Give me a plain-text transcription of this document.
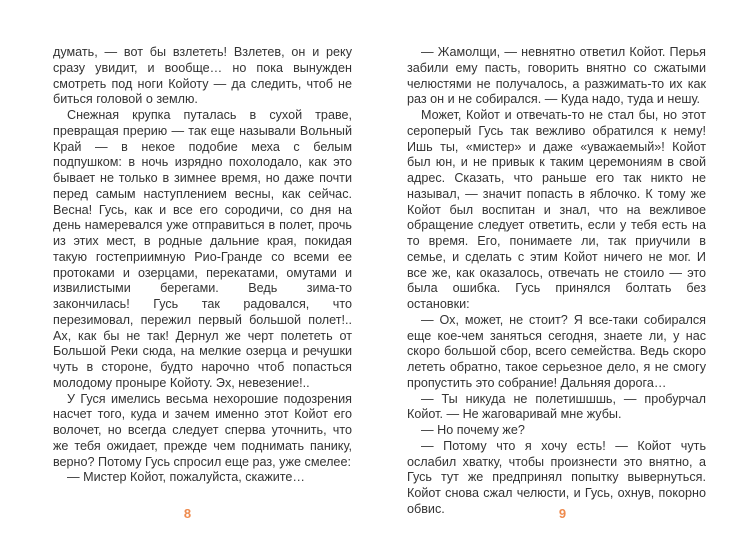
думать, — вот бы взлететь! Взлетев, он и реку сразу увидит, и вообще… но пока вынужден смотреть под ноги Койоту — да следить, чтоб не биться головой о землю.

Снежная крупка путалась в сухой траве, превращая прерию — так еще называли Вольный Край — в некое подобие меха с белым подпушком: в ночь изрядно похолодало, как это бывает не только в зимнее время, но даже почти перед самым наступлением весны, как сейчас. Весна! Гусь, как и все его сородичи, со дня на день намеревался уже отправиться в полет, прочь из этих мест, в родные дальние края, покидая такую гостеприимную Рио-Гранде со всеми ее протоками и озерцами, перекатами, омутами и извилистыми берегами. Ведь зима-то закончилась! Гусь так радовался, что перезимовал, пережил первый большой полет!.. Ах, как бы не так! Дернул же черт полететь от Большой Реки сюда, на мелкие озерца и речушки чуть в стороне, будто нарочно чтоб попасться молодому проныре Койоту. Эх, невезение!..

У Гуся имелись весьма нехорошие подозрения насчет того, куда и зачем именно этот Койот его волочет, но всегда следует сперва уточнить, что же тебя ожидает, прежде чем поднимать панику, верно? Потому Гусь спросил еще раз, уже смелее:

— Мистер Койот, пожалуйста, скажите…

8

— Жамолщи, — невнятно ответил Койот. Перья забили ему пасть, говорить внятно со сжатыми челюстями не получалось, а разжимать-то их как раз он и не собирался. — Куда надо, туда и нешу.

Может, Койот и отвечать-то не стал бы, но этот сероперый Гусь так вежливо обратился к нему! Ишь ты, «мистер» и даже «уважаемый»! Койот был юн, и не привык к таким церемониям в свой адрес. Сказать, что раньше его так никто не называл, — значит попасть в яблочко. К тому же Койот был воспитан и знал, что на вежливое обращение следует ответить, если у тебя есть на то время. Его, понимаете ли, так приучили в семье, и сделать с этим Койот ничего не мог. И все же, как оказалось, отвечать не стоило — это была ошибка. Гусь принялся болтать без остановки:

— Ох, может, не стоит? Я все-таки собирался еще кое-чем заняться сегодня, знаете ли, у нас скоро большой сбор, всего семейства. Ведь скоро лететь обратно, такое серьезное дело, я не смогу пропустить это собрание! Дальняя дорога…

— Ты никуда не полетишшшь, — пробурчал Койот. — Не жаговаривай мне жубы.

— Но почему же?

— Потому что я хочу есть! — Койот чуть ослабил хватку, чтобы произнести это внятно, а Гусь тут же предпринял попытку вывернуться. Койот снова сжал челюсти, и Гусь, охнув, покорно обвис.	9
